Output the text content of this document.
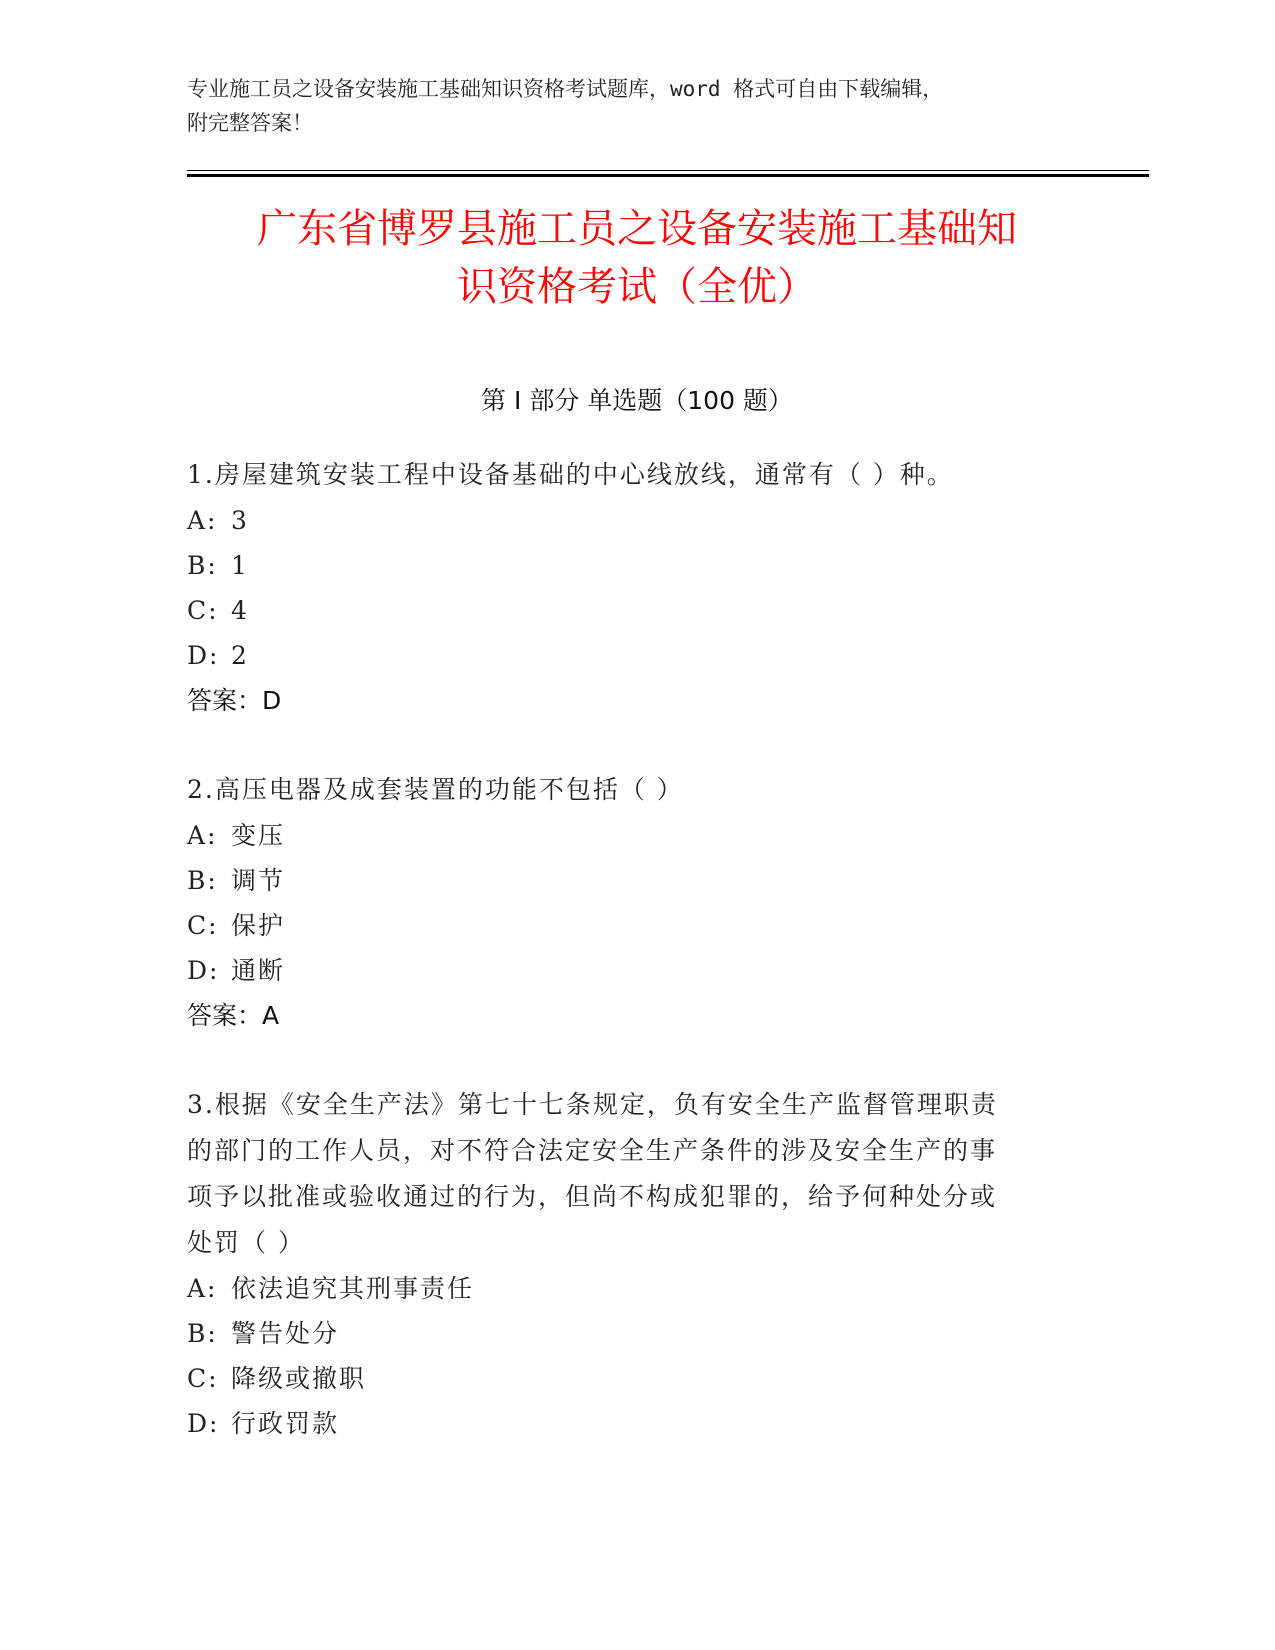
专业施工员之设备安装施工基础知识资格考试题库，word 格式可自由下载编辑，
附完整答案！
广东省博罗县施工员之设备安装施工基础知
识资格考试（全优）
第 I 部分 单选题（100 题）
1.房屋建筑安装工程中设备基础的中心线放线，通常有（ ）种。
A: 3
B: 1
C: 4
D: 2
答案：D
2.高压电器及成套装置的功能不包括（ ）
A: 变压
B: 调节
C: 保护
D: 通断
答案：A
3.根据《安全生产法》第七十七条规定，负有安全生产监督管理职责
的部门的工作人员，对不符合法定安全生产条件的涉及安全生产的事
项予以批准或验收通过的行为，但尚不构成犯罪的，给予何种处分或
处罚（ ）
A: 依法追究其刑事责任
B: 警告处分
C: 降级或撤职
D: 行政罚款
